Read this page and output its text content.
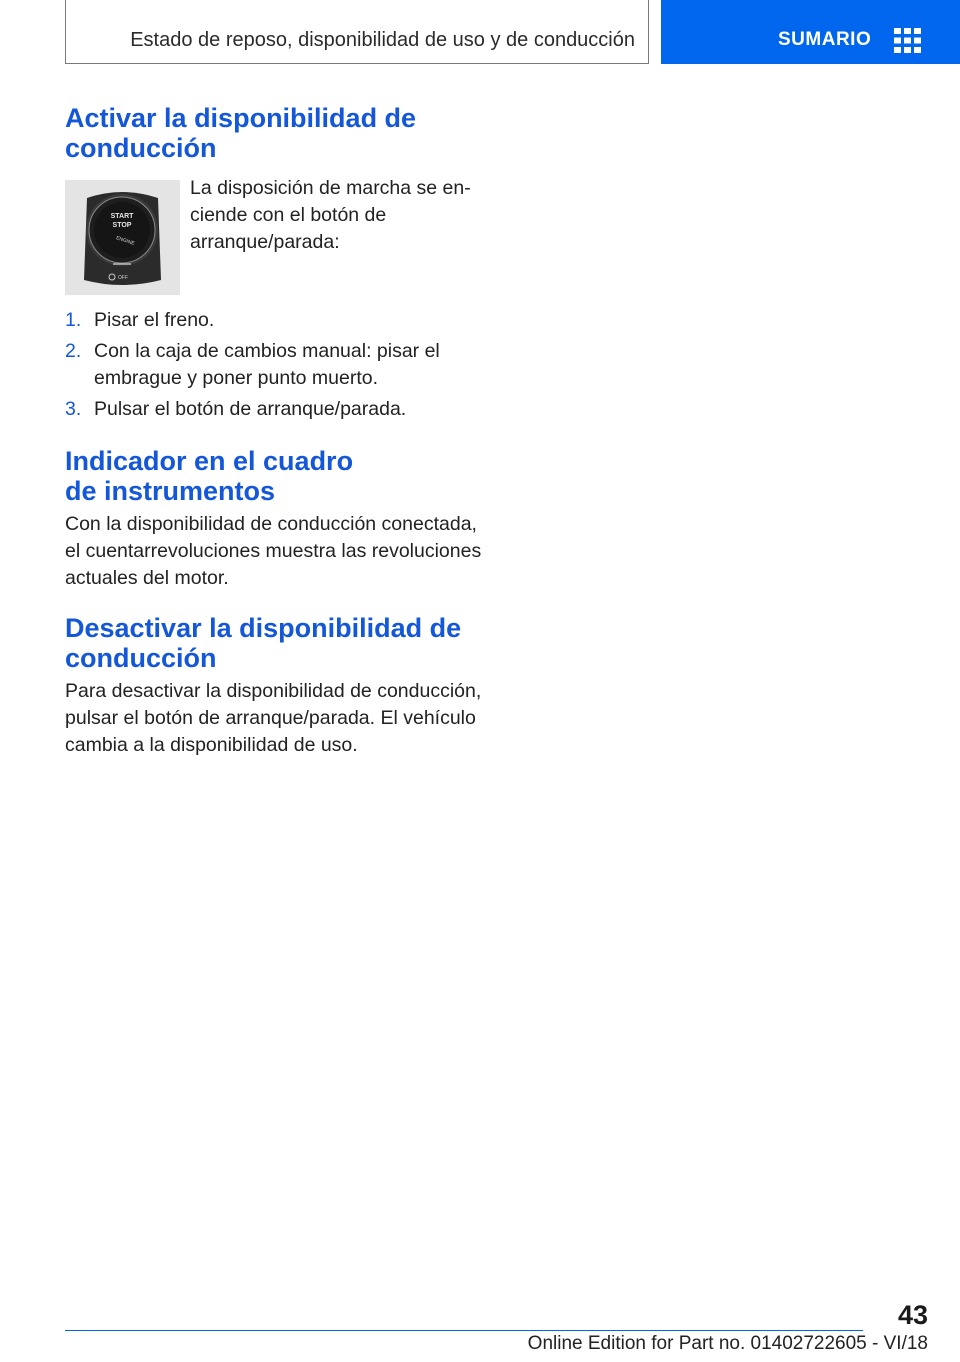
Estado de reposo, disponibilidad de uso y de conducción	SUMARIO
Activar la disponibilidad de
conducción
START
STOP
ENGINE
OFF

La disposición de marcha se enciende con el botón de arranque/parada:

1. Pisar el freno.

2. Con la caja de cambios manual: pisar el embrague y poner punto muerto.

3. Pulsar el botón de arranque/parada.

Indicador en el cuadro
de instrumentos

Con la disponibilidad de conducción conectada, el cuentarrevoluciones muestra las revoluciones actuales del motor.

Desactivar la disponibilidad de
conducción

Para desactivar la disponibilidad de conducción, pulsar el botón de arranque/parada. El vehículo cambia a la disponibilidad de uso.

43
Online Edition for Part no. 01402722605 - VI/18
